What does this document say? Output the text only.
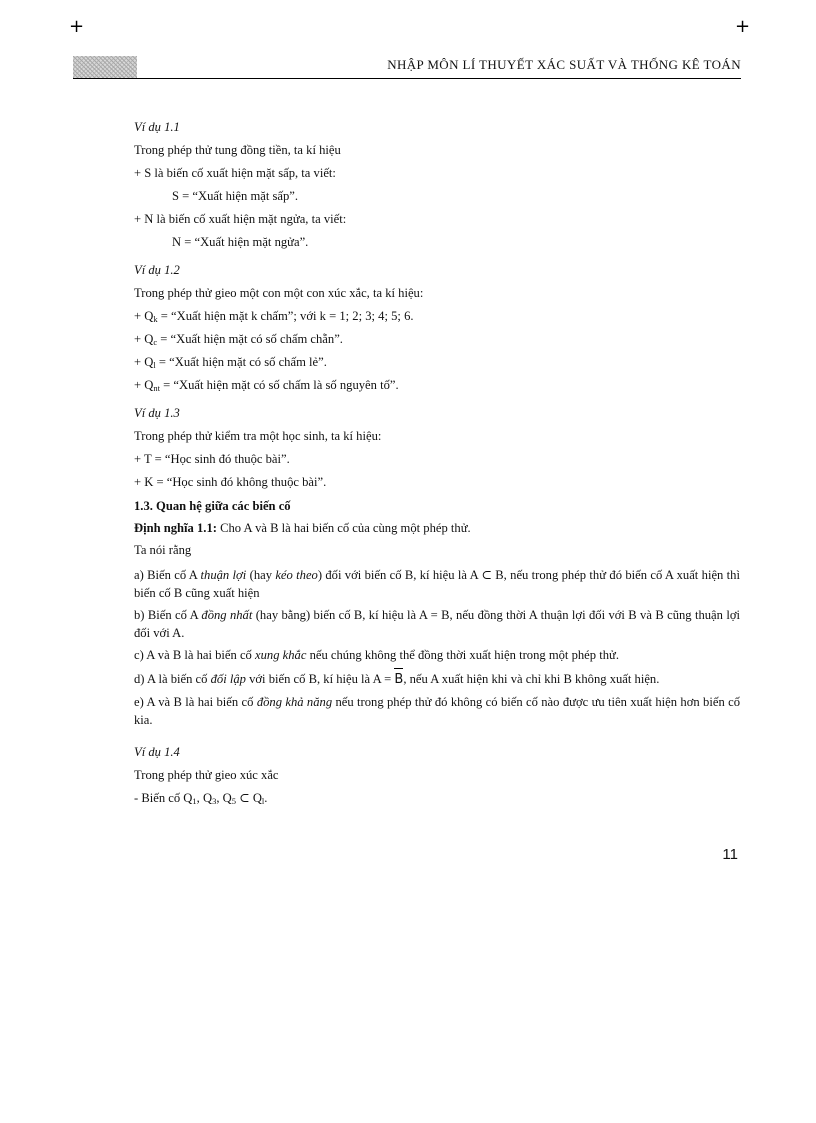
+	+
NHẬP MÔN LÍ THUYẾT XÁC SUẤT VÀ THỐNG KÊ TOÁN
Ví dụ 1.1
Trong phép thử tung đồng tiền, ta kí hiệu
+ S là biến cố xuất hiện mặt sấp, ta viết:
S = “Xuất hiện mặt sấp”.
+ N là biến cố xuất hiện mặt ngửa, ta viết:
N = “Xuất hiện mặt ngửa”.
Ví dụ 1.2
Trong phép thử gieo một con một con xúc xắc, ta kí hiệu:
+ $Q_k$ = “Xuất hiện mặt k chấm”; với k = 1; 2; 3; 4; 5; 6.
+ $Q_c$ = “Xuất hiện mặt có số chấm chẵn”.
+ $Q_l$ = “Xuất hiện mặt có số chấm lẻ”.
+ $Q_{nt}$ = “Xuất hiện mặt có số chấm là số nguyên tố”.
Ví dụ 1.3
Trong phép thử kiểm tra một học sinh, ta kí hiệu:
+ T = “Học sinh đó thuộc bài”.
+ K = “Học sinh đó không thuộc bài”.
1.3. Quan hệ giữa các biến cố
Định nghĩa 1.1: Cho A và B là hai biến cố của cùng một phép thử.
Ta nói rằng
a) Biến cố A thuận lợi (hay kéo theo) đối với biến cố B, kí hiệu là A ⊂ B, nếu trong phép thử đó biến cố A xuất hiện thì biến cố B cũng xuất hiện
b) Biến cố A đồng nhất (hay bằng) biến cố B, kí hiệu là A = B, nếu đồng thời A thuận lợi đối với B và B cũng thuận lợi đối với A.
c) A và B là hai biến cố xung khắc nếu chúng không thể đồng thời xuất hiện trong một phép thử.
d) A là biến cố đối lập với biến cố B, kí hiệu là A = B, nếu A xuất hiện khi và chỉ khi B không xuất hiện.
e) A và B là hai biến cố đồng khả năng nếu trong phép thử đó không có biến cố nào được ưu tiên xuất hiện hơn biến cố kia.
Ví dụ 1.4
Trong phép thử gieo xúc xắc
- Biến cố $Q_1$, $Q_3$, $Q_5$ ⊂ $Q_l$.
11
